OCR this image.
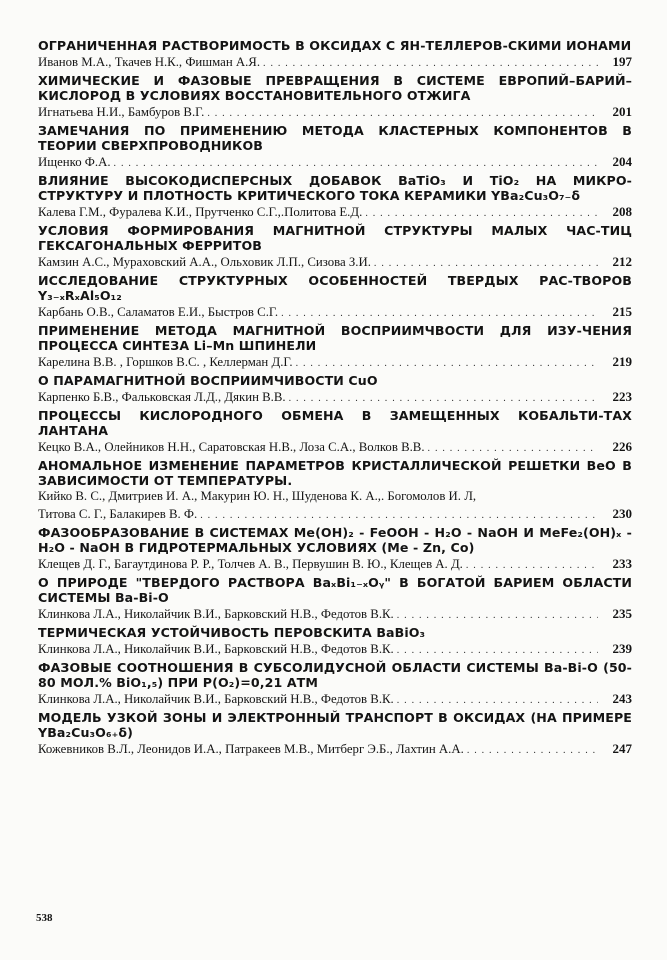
ОГРАНИЧЕННАЯ РАСТВОРИМОСТЬ В ОКСИДАХ С ЯН-ТЕЛЛЕРОВ-СКИМИ ИОНАМИ

Иванов М.А., Ткачев Н.К., Фишман А.Я. . . .	197

ХИМИЧЕСКИЕ И ФАЗОВЫЕ ПРЕВРАЩЕНИЯ В СИСТЕМЕ ЕВРОПИЙ–БАРИЙ–КИСЛОРОД В УСЛОВИЯХ ВОССТАНОВИТЕЛЬНОГО ОТЖИГА

Игнатьева Н.И., Бамбуров В.Г. . . .	201

ЗАМЕЧАНИЯ ПО ПРИМЕНЕНИЮ МЕТОДА КЛАСТЕРНЫХ КОМПОНЕНТОВ В ТЕОРИИ СВЕРХПРОВОДНИКОВ

Ищенко Ф.А. . . .	204

ВЛИЯНИЕ ВЫСОКОДИСПЕРСНЫХ ДОБАВОК BaTiO₃ И TiO₂ НА МИКРО-СТРУКТУРУ И ПЛОТНОСТЬ КРИТИЧЕСКОГО ТОКА КЕРАМИКИ YBa₂Cu₃O₇₋δ

Калева Г.М., Фуралева К.И., Прутченко С.Г.,.Политова Е.Д. . . .	208

УСЛОВИЯ ФОРМИРОВАНИЯ МАГНИТНОЙ СТРУКТУРЫ МАЛЫХ ЧАС-ТИЦ ГЕКСАГОНАЛЬНЫХ ФЕРРИТОВ

Камзин А.С., Мураховский А.А., Ольховик Л.П., Сизова З.И. . . .	212

ИССЛЕДОВАНИЕ СТРУКТУРНЫХ ОСОБЕННОСТЕЙ ТВЕРДЫХ РАС-ТВОРОВ Y₃₋ₓRₓAl₅O₁₂

Карбань О.В., Саламатов Е.И., Быстров С.Г. . . .	215

ПРИМЕНЕНИЕ МЕТОДА МАГНИТНОЙ ВОСПРИИМЧВОСТИ ДЛЯ ИЗУ-ЧЕНИЯ ПРОЦЕССА СИНТЕЗА Li–Mn ШПИНЕЛИ

Карелина В.В. , Горшков В.С. , Келлерман Д.Г. . . .	219

О ПАРАМАГНИТНОЙ ВОСПРИИМЧИВОСТИ CuO

Карпенко Б.В., Фальковская Л.Д., Дякин В.В. . . .	223

ПРОЦЕССЫ КИСЛОРОДНОГО ОБМЕНА В ЗАМЕЩЕННЫХ КОБАЛЬТИ-ТАХ ЛАНТАНА

Кецко В.А., Олейников Н.Н., Саратовская Н.В., Лоза С.А., Волков В.В. . . .	226

АНОМАЛЬНОЕ ИЗМЕНЕНИЕ ПАРАМЕТРОВ КРИСТАЛЛИЧЕСКОЙ РЕШЕТКИ BeO В ЗАВИСИМОСТИ ОТ ТЕМПЕРАТУРЫ.

Кийко В. С., Дмитриев И. А., Макурин Ю. Н., Шуденова К. А.,. Богомолов И. Л,

Титова С. Г., Балакирев В. Ф. . . .	230

ФАЗООБРАЗОВАНИЕ В СИСТЕМАХ Me(OH)₂ - FeOOH - H₂O - NaOH И MeFe₂(OH)ₓ - H₂O - NaOH В ГИДРОТЕРМАЛЬНЫХ УСЛОВИЯХ (Me - Zn, Co)

Клещев Д. Г., Багаутдинова Р. Р., Толчев А. В., Первушин В. Ю., Клещев А. Д. . . .	233

О ПРИРОДЕ "ТВЕРДОГО РАСТВОРА BaₓBi₁₋ₓOᵧ" В БОГАТОЙ БАРИЕМ ОБЛАСТИ СИСТЕМЫ Ba-Bi-O

Клинкова Л.А., Николайчик В.И., Барковский Н.В., Федотов В.К. . . .	235

ТЕРМИЧЕСКАЯ УСТОЙЧИВОСТЬ ПЕРОВСКИТА BaBiO₃

Клинкова Л.А., Николайчик В.И., Барковский Н.В., Федотов В.К. . . .	239

ФАЗОВЫЕ СООТНОШЕНИЯ В СУБСОЛИДУСНОЙ ОБЛАСТИ СИСТЕМЫ Ba-Bi-O (50-80 МОЛ.% BiO₁,₅) ПРИ P(O₂)=0,21 АТМ

Клинкова Л.А., Николайчик В.И., Барковский Н.В., Федотов В.К. . . .	243

МОДЕЛЬ УЗКОЙ ЗОНЫ И ЭЛЕКТРОННЫЙ ТРАНСПОРТ В ОКСИДАХ (НА ПРИМЕРЕ YBa₂Cu₃O₆₊δ)

Кожевников В.Л., Леонидов И.А., Патракеев М.В., Митберг Э.Б., Лахтин А.А. . . .	247
538
